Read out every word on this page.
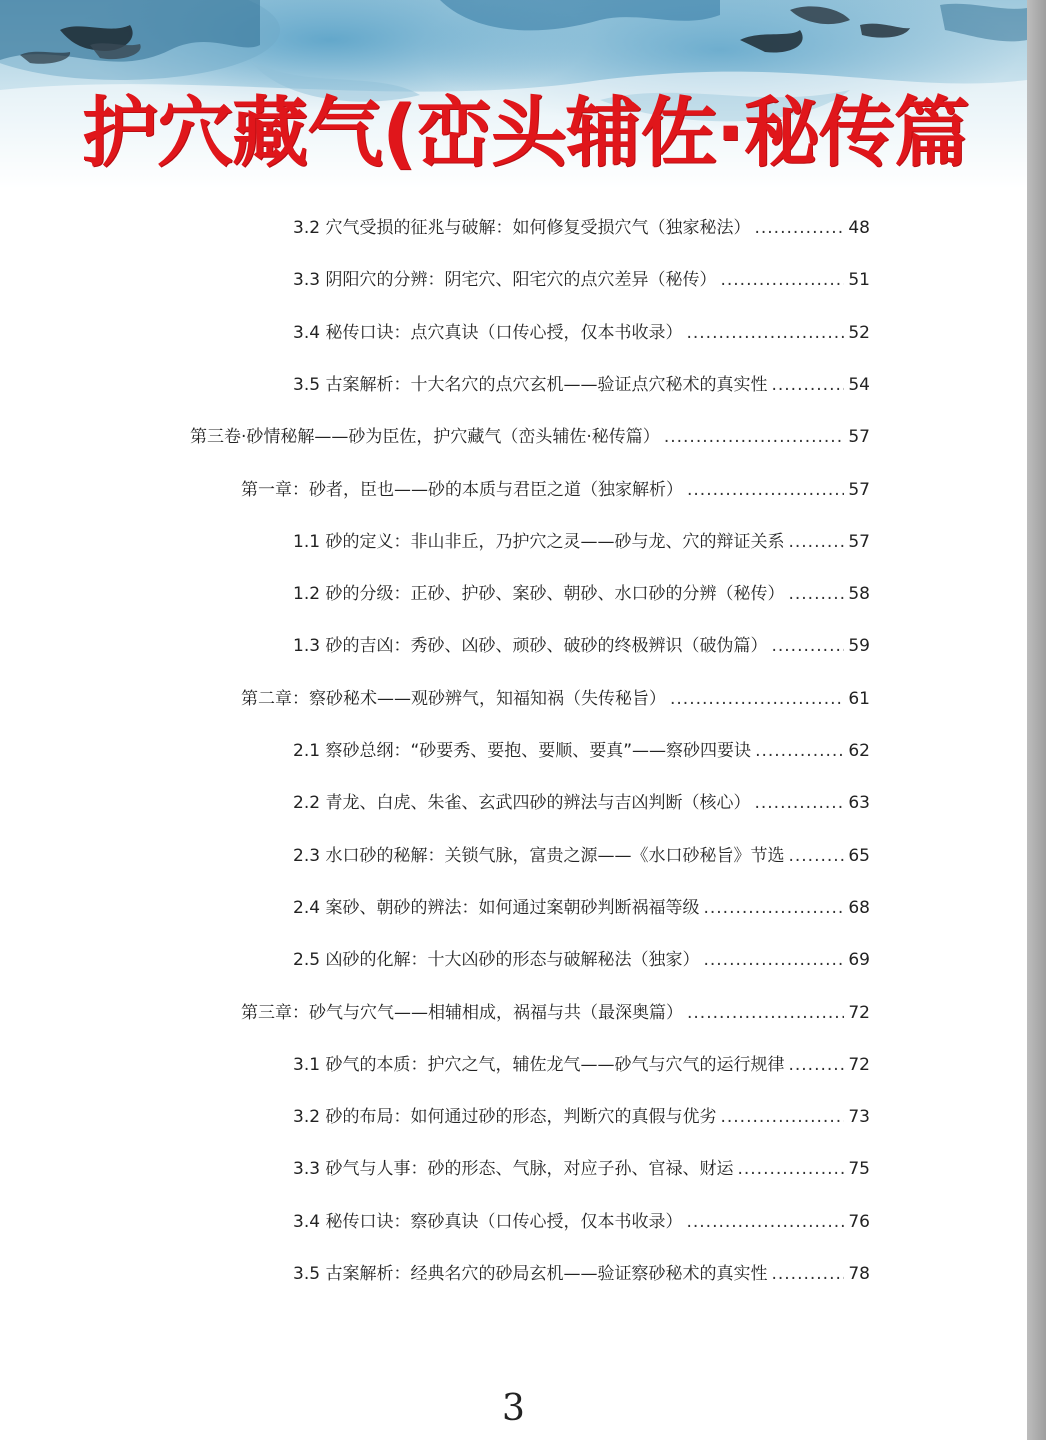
护穴藏气(峦头辅佐·秘传篇
3.2 穴气受损的征兆与破解：如何修复受损穴气（独家秘法） .....	48
3.3 阴阳穴的分辨：阴宅穴、阳宅穴的点穴差异（秘传） .....	51
3.4 秘传口诀：点穴真诀（口传心授，仅本书收录） .....	52
3.5 古案解析：十大名穴的点穴玄机——验证点穴秘术的真实性 .....	54
第三卷·砂情秘解——砂为臣佐，护穴藏气（峦头辅佐·秘传篇） .....	57
第一章：砂者，臣也——砂的本质与君臣之道（独家解析） .....	57
1.1 砂的定义：非山非丘，乃护穴之灵——砂与龙、穴的辩证关系 .....	57
1.2 砂的分级：正砂、护砂、案砂、朝砂、水口砂的分辨（秘传） .....	58
1.3 砂的吉凶：秀砂、凶砂、顽砂、破砂的终极辨识（破伪篇） .....	59
第二章：察砂秘术——观砂辨气，知福知祸（失传秘旨） .....	61
2.1 察砂总纲：“砂要秀、要抱、要顺、要真”——察砂四要诀 .....	62
2.2 青龙、白虎、朱雀、玄武四砂的辨法与吉凶判断（核心） .....	63
2.3 水口砂的秘解：关锁气脉，富贵之源——《水口砂秘旨》节选 .....	65
2.4 案砂、朝砂的辨法：如何通过案朝砂判断祸福等级 .....	68
2.5 凶砂的化解：十大凶砂的形态与破解秘法（独家） .....	69
第三章：砂气与穴气——相辅相成，祸福与共（最深奥篇） .....	72
3.1 砂气的本质：护穴之气，辅佐龙气——砂气与穴气的运行规律 .....	72
3.2 砂的布局：如何通过砂的形态，判断穴的真假与优劣 .....	73
3.3 砂气与人事：砂的形态、气脉，对应子孙、官禄、财运 .....	75
3.4 秘传口诀：察砂真诀（口传心授，仅本书收录） .....	76
3.5 古案解析：经典名穴的砂局玄机——验证察砂秘术的真实性 .....	78
3
